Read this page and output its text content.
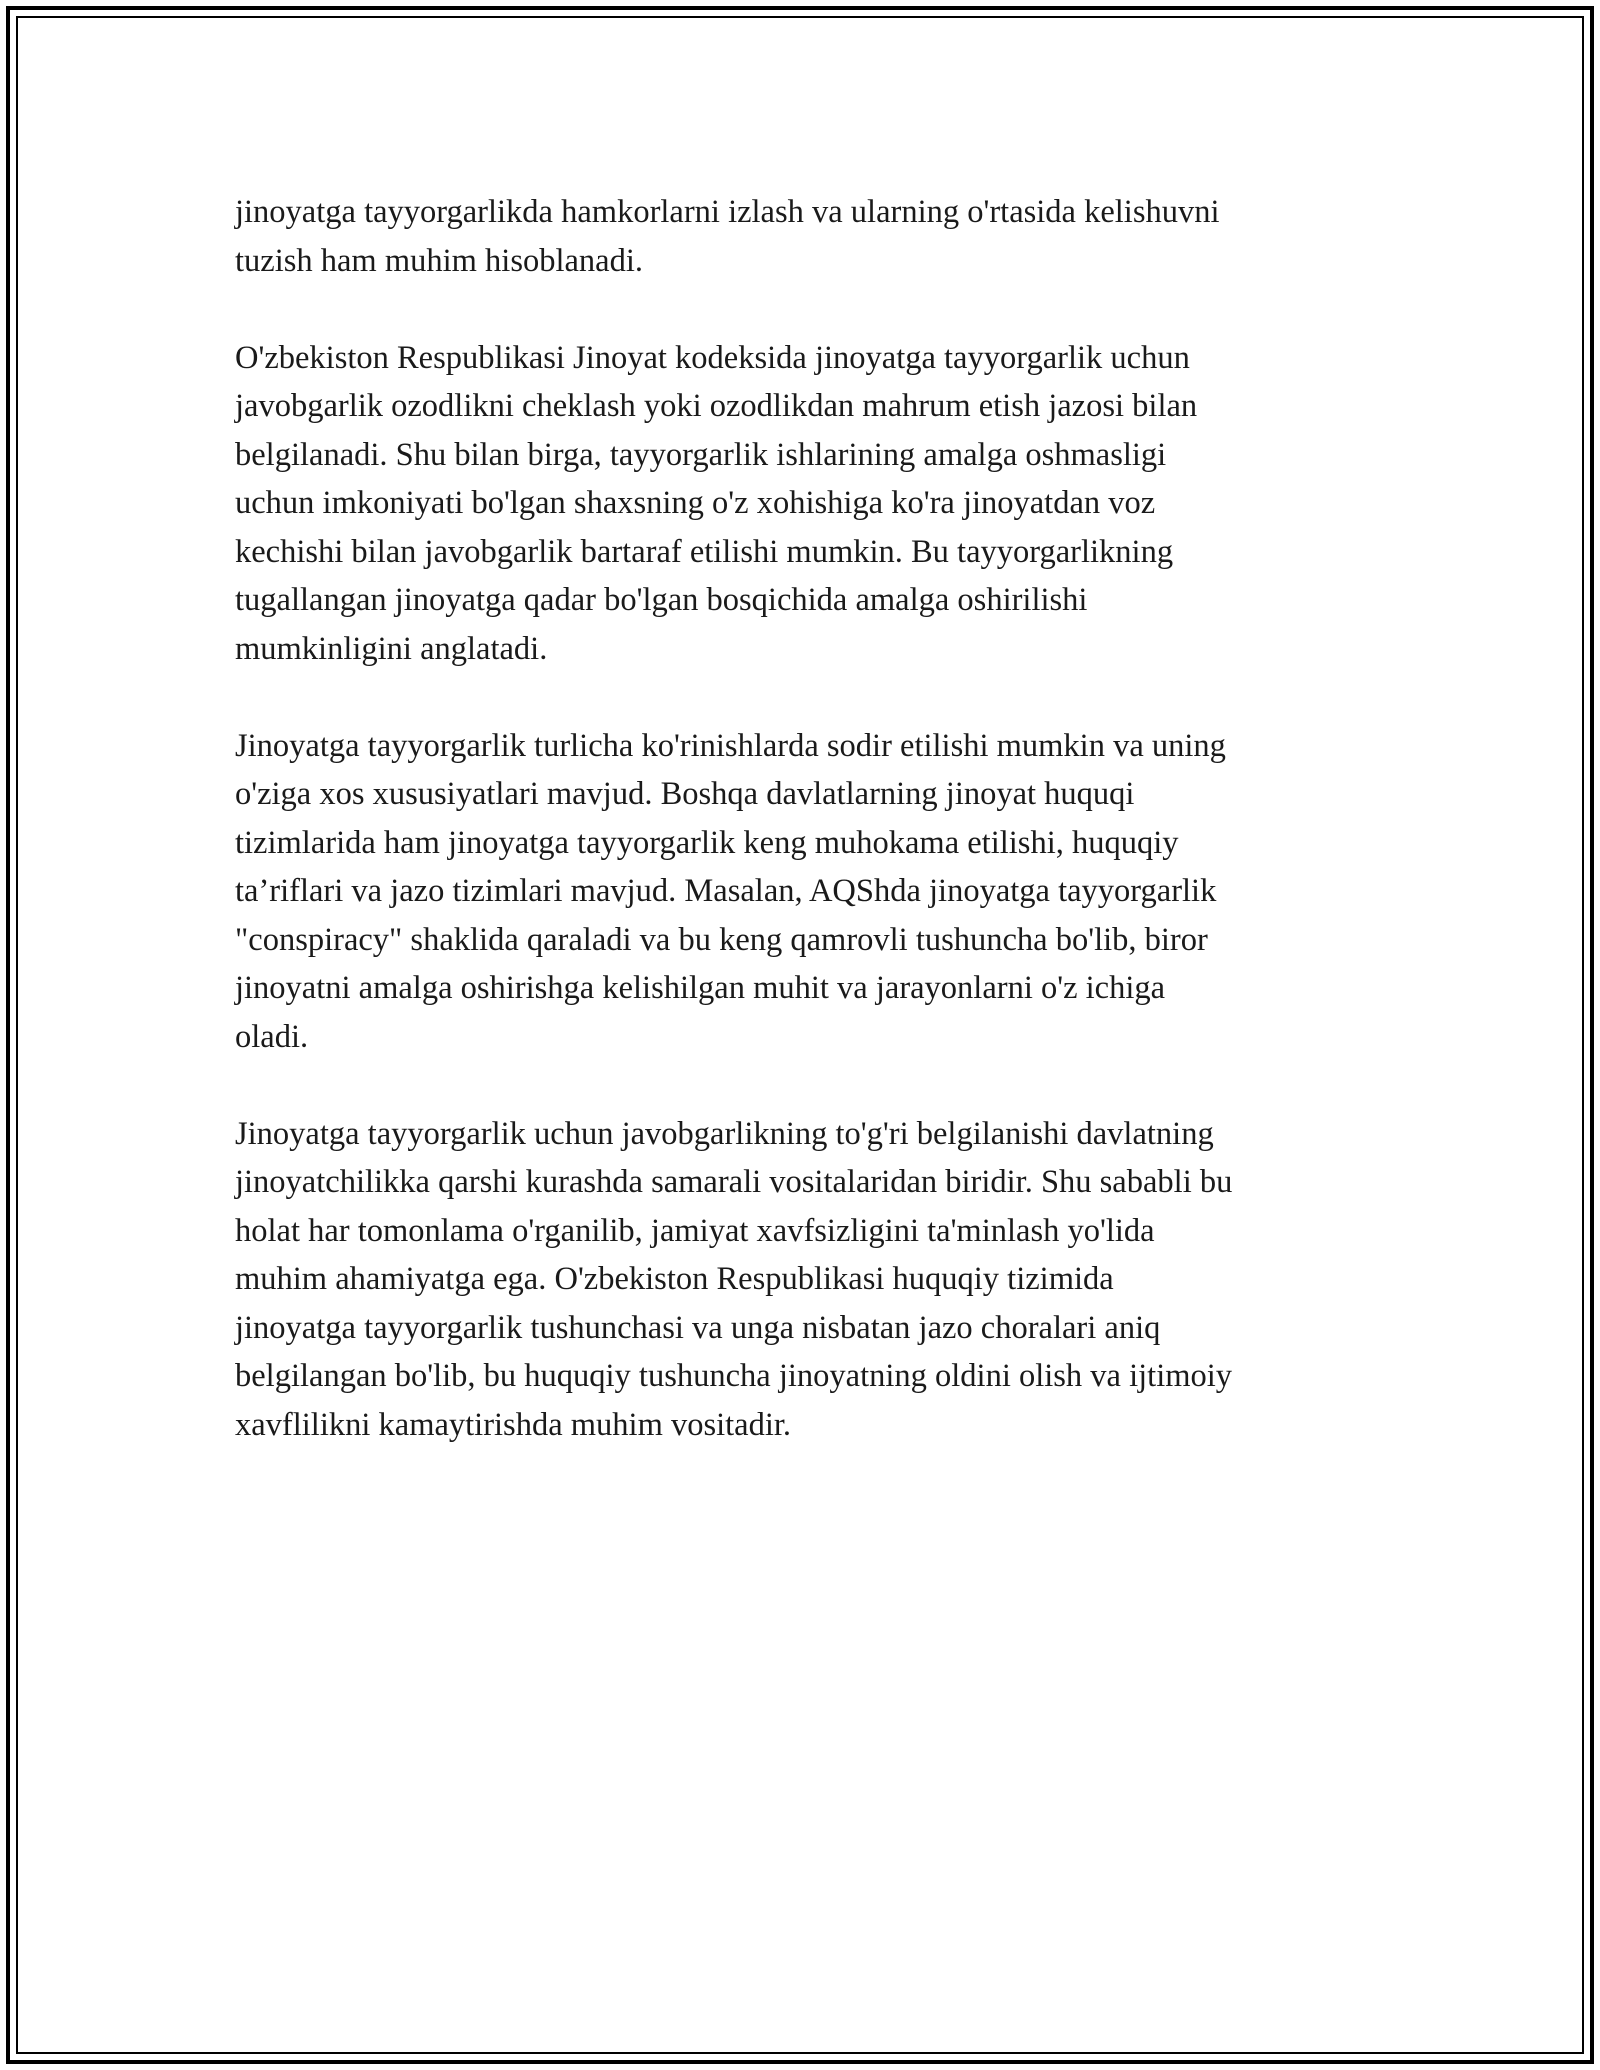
jinoyatga tayyorgarlikda hamkorlarni izlash va ularning o'rtasida kelishuvni
tuzish ham muhim hisoblanadi.

O'zbekiston Respublikasi Jinoyat kodeksida jinoyatga tayyorgarlik uchun
javobgarlik ozodlikni cheklash yoki ozodlikdan mahrum etish jazosi bilan
belgilanadi. Shu bilan birga, tayyorgarlik ishlarining amalga oshmasligi
uchun imkoniyati bo'lgan shaxsning o'z xohishiga ko'ra jinoyatdan voz
kechishi bilan javobgarlik bartaraf etilishi mumkin. Bu tayyorgarlikning
tugallangan jinoyatga qadar bo'lgan bosqichida amalga oshirilishi
mumkinligini anglatadi.

Jinoyatga tayyorgarlik turlicha ko'rinishlarda sodir etilishi mumkin va uning
o'ziga xos xususiyatlari mavjud. Boshqa davlatlarning jinoyat huquqi
tizimlarida ham jinoyatga tayyorgarlik keng muhokama etilishi, huquqiy
ta’riflari va jazo tizimlari mavjud. Masalan, AQShda jinoyatga tayyorgarlik
"conspiracy" shaklida qaraladi va bu keng qamrovli tushuncha bo'lib, biror
jinoyatni amalga oshirishga kelishilgan muhit va jarayonlarni o'z ichiga
oladi.

Jinoyatga tayyorgarlik uchun javobgarlikning to'g'ri belgilanishi davlatning
jinoyatchilikka qarshi kurashda samarali vositalaridan biridir. Shu sababli bu
holat har tomonlama o'rganilib, jamiyat xavfsizligini ta'minlash yo'lida
muhim ahamiyatga ega. O'zbekiston Respublikasi huquqiy tizimida
jinoyatga tayyorgarlik tushunchasi va unga nisbatan jazo choralari aniq
belgilangan bo'lib, bu huquqiy tushuncha jinoyatning oldini olish va ijtimoiy
xavflilikni kamaytirishda muhim vositadir.
